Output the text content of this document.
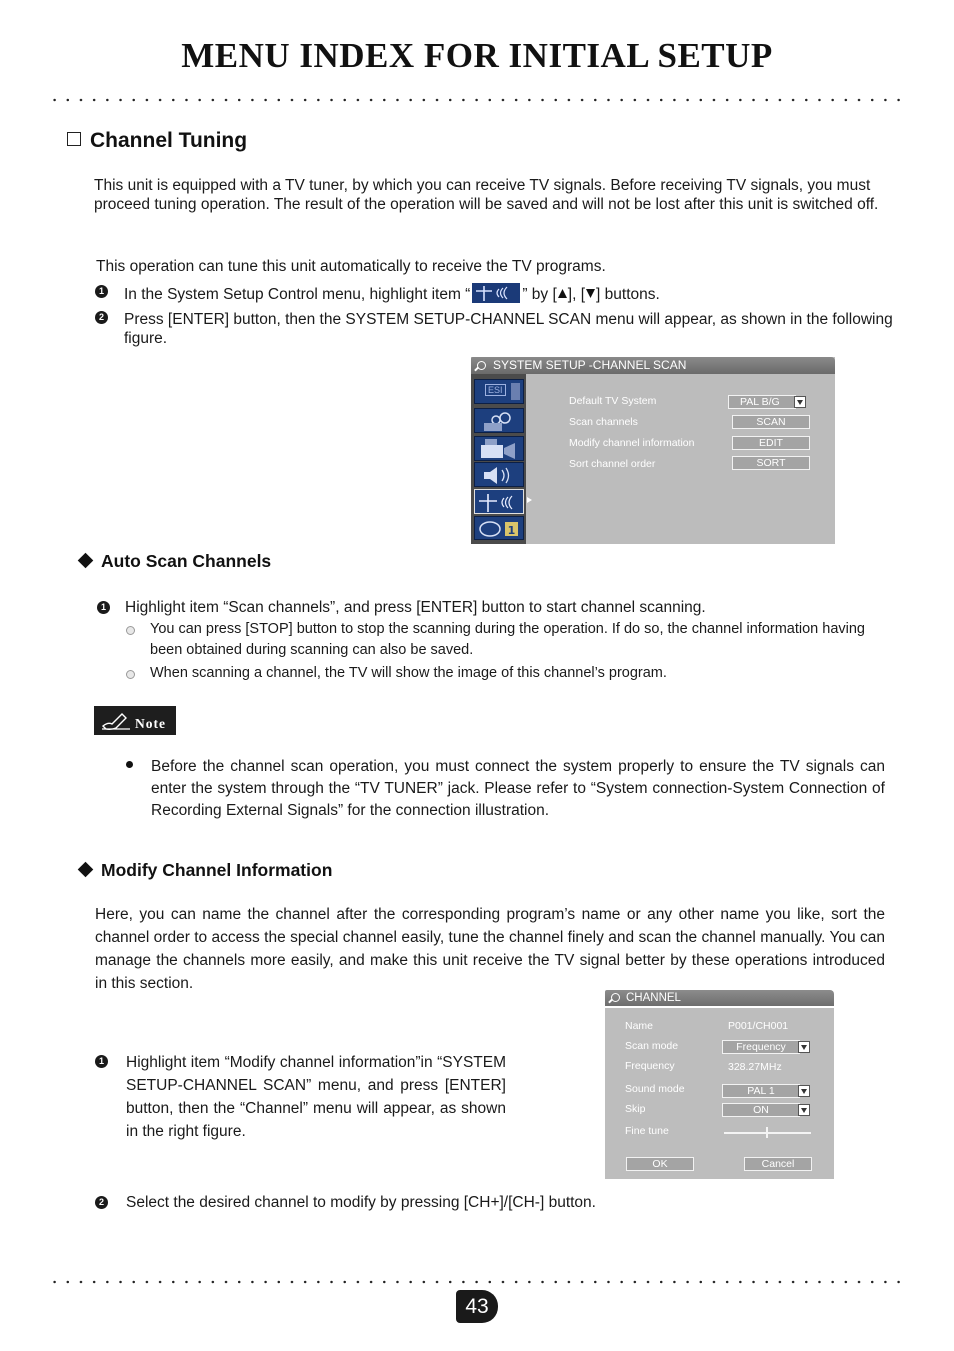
MENU INDEX FOR INITIAL SETUP
Channel Tuning
This unit is equipped with a TV tuner, by which you can receive TV signals. Before receiving TV signals, you must proceed tuning operation. The result of the operation will be saved and will not be lost after this unit is switched off.
This operation can tune this unit automatically to receive the TV programs.
1 In the System Setup Control menu, highlight item “	” by [ ], [ ] buttons.
2 Press [ENTER] button, then the SYSTEM SETUP-CHANNEL SCAN menu will appear, as shown in the following figure.
SYSTEM SETUP -CHANNEL SCAN
ESI
1
Default TV System	PAL B/G
Scan channels	SCAN
Modify channel information	EDIT
Sort channel order	SORT
Auto Scan Channels
1 Highlight item “Scan channels”, and press [ENTER] button to start channel scanning.
You can press [STOP] button to stop the scanning during the operation. If do so, the channel information having been obtained during scanning can also be saved.
When scanning a channel, the TV will show the image of this channel’s program.
Note
Before the channel scan operation, you must connect the system properly to ensure the TV signals can enter the system through the “TV TUNER” jack. Please refer to “System connection-System Connection of Recording External Signals” for the connection illustration.
Modify Channel Information
Here, you can name the channel after the corresponding program’s name or any other name you like, sort the channel order to access the special channel easily, tune the channel finely and scan the channel manually. You can manage the channels more easily, and make this unit receive the TV signal better by these operations introduced in this section.
1 Highlight item “Modify channel information”in “SYSTEM SETUP-CHANNEL SCAN” menu, and press [ENTER] button, then the “Channel” menu will appear, as shown in the right figure.
CHANNEL
Name	P001/CH001
Scan mode	Frequency
Frequency	328.27MHz
Sound mode	PAL 1
Skip	ON
Fine tune
OK	Cancel
2 Select the desired channel to modify by pressing [CH+]/[CH-] button.
43
